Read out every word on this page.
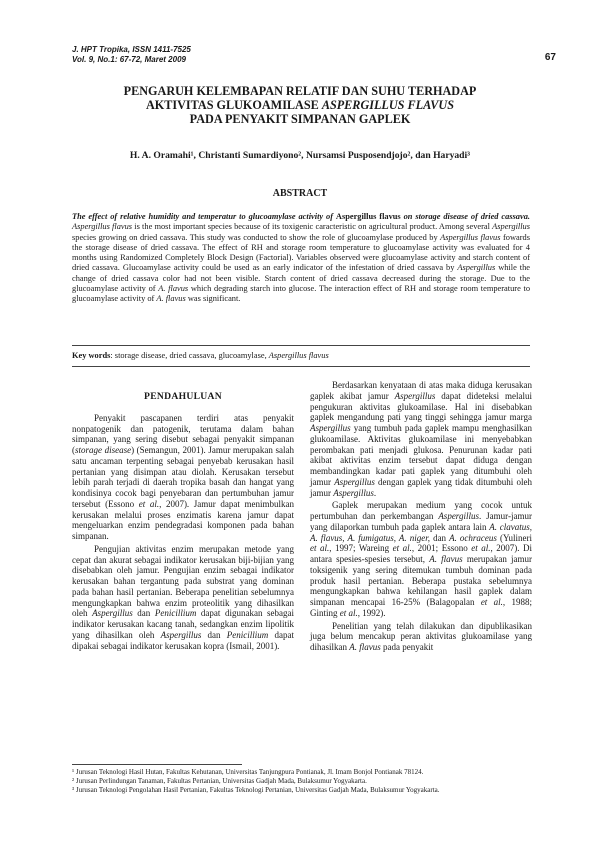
J. HPT Tropika, ISSN 1411-7525
Vol. 9, No.1: 67-72, Maret 2009	67
PENGARUH KELEMBAPAN RELATIF DAN SUHU TERHADAP
AKTIVITAS GLUKOAMILASE ASPERGILLUS FLAVUS
PADA PENYAKIT SIMPANAN GAPLEK
H. A. Oramahi¹, Christanti Sumardiyono², Nursamsi Pusposendjojo², dan Haryadi³
ABSTRACT
The effect of relative humidity and temperatur to glucoamylase activity of Aspergillus flavus on storage disease of dried cassava. Aspergillus flavus is the most important species because of its toxigenic caracteristic on agricultural product. Among several Aspergillus species growing on dried cassava. This study was conducted to show the role of glucoamylase produced by Aspergillus flavus fowards the storage disease of dried cassava. The effect of RH and storage room temperature to glucoamylase activity was evaluated for 4 months using Randomized Completely Block Design (Factorial). Variables observed were glucoamylase activity and starch content of dried cassava. Glucoamylase activity could be used as an early indicator of the infestation of dried cassava by Aspergillus while the change of dried cassava color had not been visible. Starch content of dried cassava decreased during the storage. Due to the glucoamylase activity of A. flavus which degrading starch into glucose. The interaction effect of RH and storage room temperature to glucoamylase activity of A. flavus was significant.
Key words: storage disease, dried cassava, glucoamylase, Aspergillus flavus
PENDAHULUAN

Penyakit pascapanen terdiri atas penyakit nonpatogenik dan patogenik, terutama dalam bahan simpanan, yang sering disebut sebagai penyakit simpanan (storage disease) (Semangun, 2001). Jamur merupakan salah satu ancaman terpenting sebagai penyebab kerusakan hasil pertanian yang disimpan atau diolah. Kerusakan tersebut lebih parah terjadi di daerah tropika basah dan hangat yang kondisinya cocok bagi penyebaran dan pertumbuhan jamur tersebut (Essono et al., 2007). Jamur dapat menimbulkan kerusakan melalui proses enzimatis karena jamur dapat mengeluarkan enzim pendegradasi komponen pada bahan simpanan.

Pengujian aktivitas enzim merupakan metode yang cepat dan akurat sebagai indikator kerusakan biji-bijian yang disebabkan oleh jamur. Pengujian enzim sebagai indikator kerusakan bahan tergantung pada substrat yang dominan pada bahan hasil pertanian. Beberapa penelitian sebelumnya mengungkapkan bahwa enzim proteolitik yang dihasilkan oleh Aspergillus dan Penicillium dapat digunakan sebagai indikator kerusakan kacang tanah, sedangkan enzim lipolitik yang dihasilkan oleh Aspergillus dan Penicillium dapat dipakai sebagai indikator kerusakan kopra (Ismail, 2001).

Berdasarkan kenyataan di atas maka diduga kerusakan gaplek akibat jamur Aspergillus dapat dideteksi melalui pengukuran aktivitas glukoamilase. Hal ini disebabkan gaplek mengandung pati yang tinggi sehingga jamur marga Aspergillus yang tumbuh pada gaplek mampu menghasilkan glukoamilase. Aktivitas glukoamilase ini menyebabkan perombakan pati menjadi glukosa. Penurunan kadar pati akibat aktivitas enzim tersebut dapat diduga dengan membandingkan kadar pati gaplek yang ditumbuhi oleh jamur Aspergillus dengan gaplek yang tidak ditumbuhi oleh jamur Aspergillus.

Gaplek merupakan medium yang cocok untuk pertumbuhan dan perkembangan Aspergillus. Jamur-jamur yang dilaporkan tumbuh pada gaplek antara lain A. clavatus, A. flavus, A. fumigatus, A. niger, dan A. ochraceus (Yulineri et al., 1997; Wareing et al., 2001; Essono et al., 2007). Di antara spesies-spesies tersebut, A. flavus merupakan jamur toksigenik yang sering ditemukan tumbuh dominan pada produk hasil pertanian. Beberapa pustaka sebelumnya mengungkapkan bahwa kehilangan hasil gaplek dalam simpanan mencapai 16-25% (Balagopalan et al., 1988; Ginting et al., 1992).

Penelitian yang telah dilakukan dan dipublikasikan juga belum mencakup peran aktivitas glukoamilase yang dihasilkan A. flavus pada penyakit

¹ Jurusan Teknologi Hasil Hutan, Fakultas Kehutanan, Universitas Tanjungpura Pontianak, Jl. Imam Bonjol Pontianak 78124.
² Jurusan Perlindungan Tanaman, Fakultas Pertanian, Universitas Gadjah Mada, Bulaksumur Yogyakarta.
³ Jurusan Teknologi Pengolahan Hasil Pertanian, Fakultas Teknologi Pertanian, Universitas Gadjah Mada, Bulaksumur Yogyakarta.
